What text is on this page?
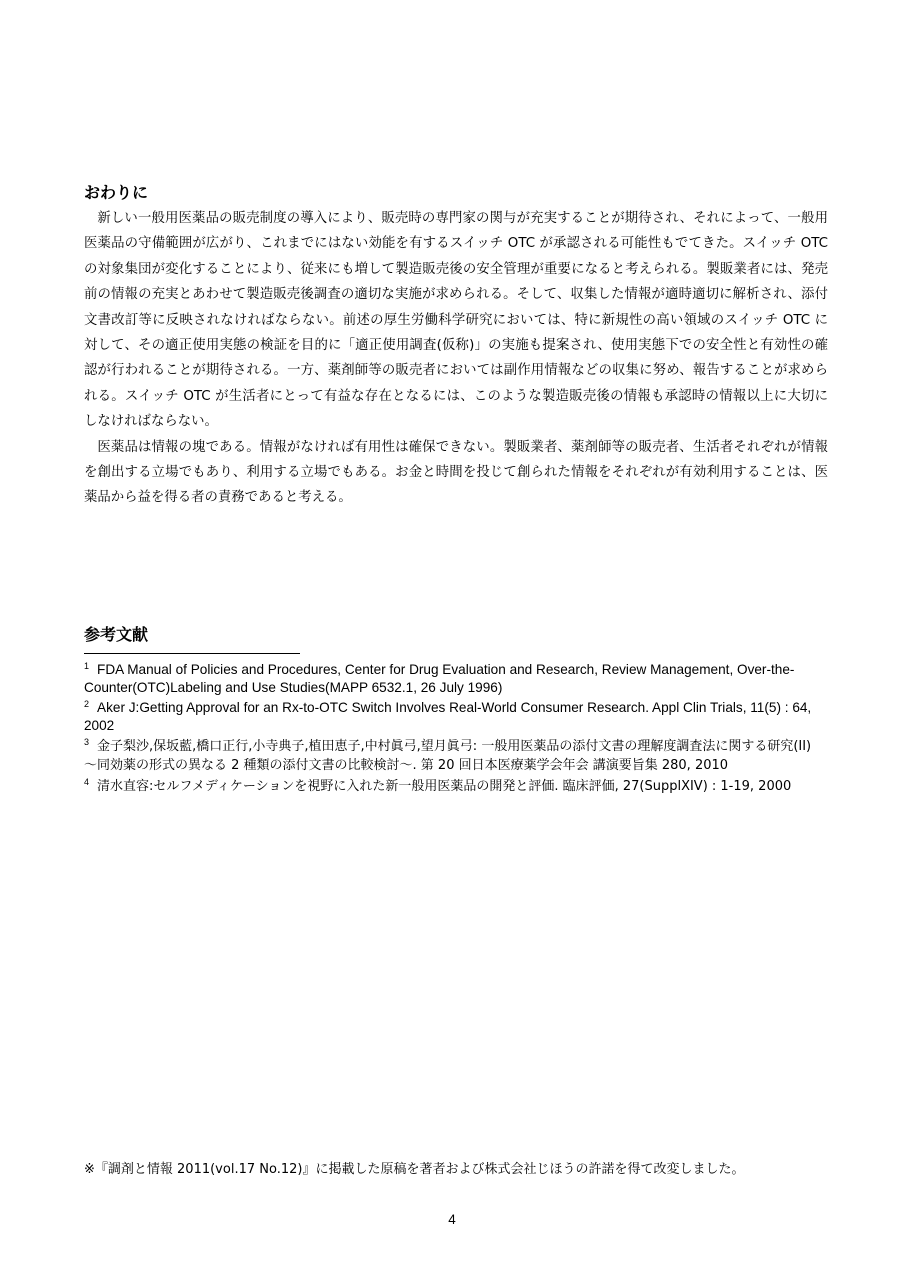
おわりに

新しい一般用医薬品の販売制度の導入により、販売時の専門家の関与が充実することが期待され、それによって、一般用医薬品の守備範囲が広がり、これまでにはない効能を有するスイッチ OTC が承認される可能性もでてきた。スイッチ OTC の対象集団が変化することにより、従来にも増して製造販売後の安全管理が重要になると考えられる。製販業者には、発売前の情報の充実とあわせて製造販売後調査の適切な実施が求められる。そして、収集した情報が適時適切に解析され、添付文書改訂等に反映されなければならない。前述の厚生労働科学研究においては、特に新規性の高い領域のスイッチ OTC に対して、その適正使用実態の検証を目的に「適正使用調査(仮称)」の実施も提案され、使用実態下での安全性と有効性の確認が行われることが期待される。一方、薬剤師等の販売者においては副作用情報などの収集に努め、報告することが求められる。スイッチ OTC が生活者にとって有益な存在となるには、このような製造販売後の情報も承認時の情報以上に大切にしなければならない。

医薬品は情報の塊である。情報がなければ有用性は確保できない。製販業者、薬剤師等の販売者、生活者それぞれが情報を創出する立場でもあり、利用する立場でもある。お金と時間を投じて創られた情報をそれぞれが有効利用することは、医薬品から益を得る者の責務であると考える。

参考文献
$^1$ FDA Manual of Policies and Procedures, Center for Drug Evaluation and Research, Review Management, Over-the-Counter(OTC)Labeling and Use Studies(MAPP 6532.1, 26 July 1996)
$^2$ Aker J:Getting Approval for an Rx-to-OTC Switch Involves Real-World Consumer Research. Appl Clin Trials, 11(5) : 64, 2002
$^3$ 金子梨沙,保坂藍,橋口正行,小寺典子,植田恵子,中村眞弓,望月眞弓: 一般用医薬品の添付文書の理解度調査法に関する研究(II)～同効薬の形式の異なる 2 種類の添付文書の比較検討～. 第 20 回日本医療薬学会年会 講演要旨集 280, 2010
$^4$ 清水直容:セルフメディケーションを視野に入れた新一般用医薬品の開発と評価. 臨床評価, 27(SupplXIV) : 1-19, 2000

※『調剤と情報 2011(vol.17 No.12)』に掲載した原稿を著者および株式会社じほうの許諾を得て改変しました。

4
